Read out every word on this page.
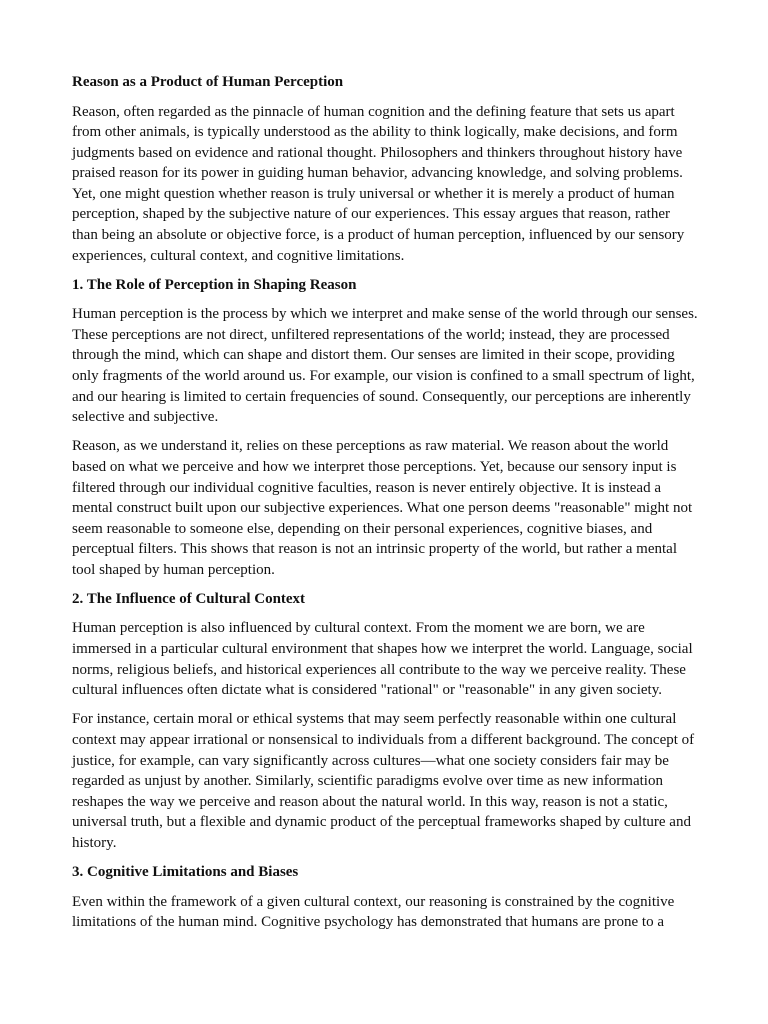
Reason as a Product of Human Perception

Reason, often regarded as the pinnacle of human cognition and the defining feature that sets us apart from other animals, is typically understood as the ability to think logically, make decisions, and form judgments based on evidence and rational thought. Philosophers and thinkers throughout history have praised reason for its power in guiding human behavior, advancing knowledge, and solving problems. Yet, one might question whether reason is truly universal or whether it is merely a product of human perception, shaped by the subjective nature of our experiences. This essay argues that reason, rather than being an absolute or objective force, is a product of human perception, influenced by our sensory experiences, cultural context, and cognitive limitations.

1. The Role of Perception in Shaping Reason

Human perception is the process by which we interpret and make sense of the world through our senses. These perceptions are not direct, unfiltered representations of the world; instead, they are processed through the mind, which can shape and distort them. Our senses are limited in their scope, providing only fragments of the world around us. For example, our vision is confined to a small spectrum of light, and our hearing is limited to certain frequencies of sound. Consequently, our perceptions are inherently selective and subjective.

Reason, as we understand it, relies on these perceptions as raw material. We reason about the world based on what we perceive and how we interpret those perceptions. Yet, because our sensory input is filtered through our individual cognitive faculties, reason is never entirely objective. It is instead a mental construct built upon our subjective experiences. What one person deems "reasonable" might not seem reasonable to someone else, depending on their personal experiences, cognitive biases, and perceptual filters. This shows that reason is not an intrinsic property of the world, but rather a mental tool shaped by human perception.

2. The Influence of Cultural Context

Human perception is also influenced by cultural context. From the moment we are born, we are immersed in a particular cultural environment that shapes how we interpret the world. Language, social norms, religious beliefs, and historical experiences all contribute to the way we perceive reality. These cultural influences often dictate what is considered "rational" or "reasonable" in any given society.

For instance, certain moral or ethical systems that may seem perfectly reasonable within one cultural context may appear irrational or nonsensical to individuals from a different background. The concept of justice, for example, can vary significantly across cultures—what one society considers fair may be regarded as unjust by another. Similarly, scientific paradigms evolve over time as new information reshapes the way we perceive and reason about the natural world. In this way, reason is not a static, universal truth, but a flexible and dynamic product of the perceptual frameworks shaped by culture and history.

3. Cognitive Limitations and Biases

Even within the framework of a given cultural context, our reasoning is constrained by the cognitive limitations of the human mind. Cognitive psychology has demonstrated that humans are prone to a
